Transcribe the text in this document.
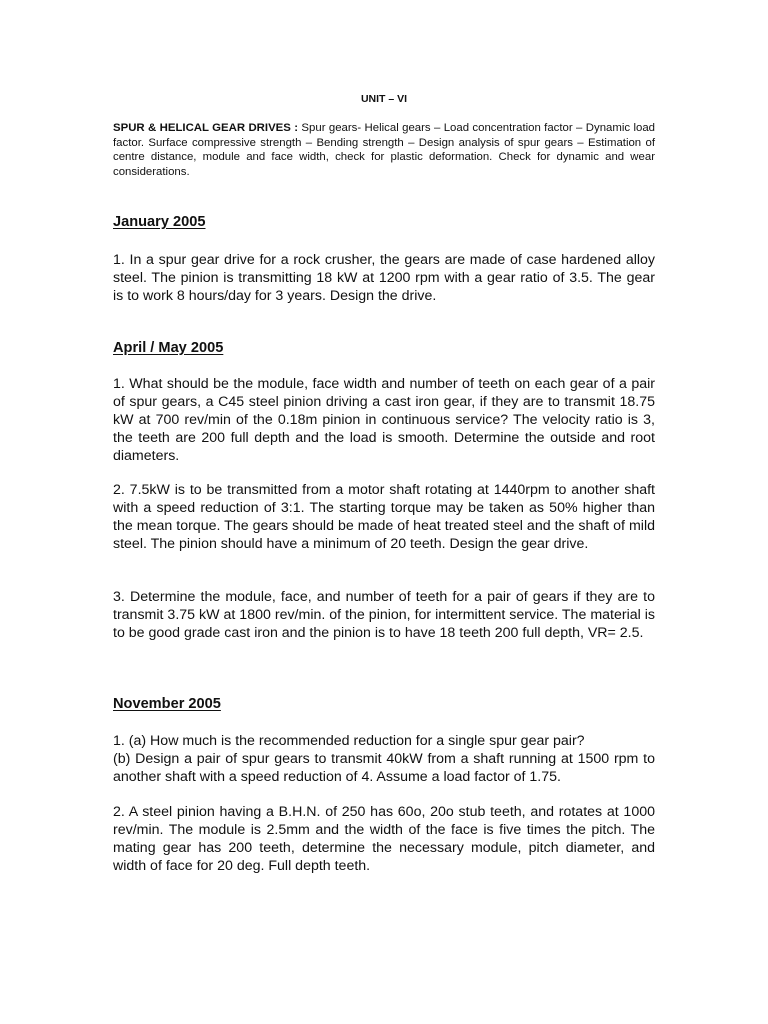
UNIT – VI
SPUR & HELICAL GEAR DRIVES : Spur gears- Helical gears – Load concentration factor – Dynamic load factor. Surface compressive strength – Bending strength – Design analysis of spur gears – Estimation of centre distance, module and face width, check for plastic deformation. Check for dynamic and wear considerations.
January 2005
1. In a spur gear drive for a rock crusher, the gears are made of case hardened alloy steel. The pinion is transmitting 18 kW at 1200 rpm with a gear ratio of 3.5. The gear is to work 8 hours/day for 3 years. Design the drive.
April / May 2005
1. What should be the module, face width and number of teeth on each gear of a pair of spur gears, a C45 steel pinion driving a cast iron gear, if they are to transmit 18.75 kW at 700 rev/min of the 0.18m pinion in continuous service? The velocity ratio is 3, the teeth are 200 full depth and the load is smooth. Determine the outside and root diameters.
2. 7.5kW is to be transmitted from a motor shaft rotating at 1440rpm to another shaft with a speed reduction of 3:1. The starting torque may be taken as 50% higher than the mean torque. The gears should be made of heat treated steel and the shaft of mild steel. The pinion should have a minimum of 20 teeth. Design the gear drive.
3. Determine the module, face, and number of teeth for a pair of gears if they are to transmit 3.75 kW at 1800 rev/min. of the pinion, for intermittent service. The material is to be good grade cast iron and the pinion is to have 18 teeth 200 full depth, VR= 2.5.
November 2005
1. (a) How much is the recommended reduction for a single spur gear pair?
(b) Design a pair of spur gears to transmit 40kW from a shaft running at 1500 rpm to another shaft with a speed reduction of 4. Assume a load factor of 1.75.
2. A steel pinion having a B.H.N. of 250 has 60o, 20o stub teeth, and rotates at 1000 rev/min. The module is 2.5mm and the width of the face is five times the pitch. The mating gear has 200 teeth, determine the necessary module, pitch diameter, and width of face for 20 deg. Full depth teeth.
